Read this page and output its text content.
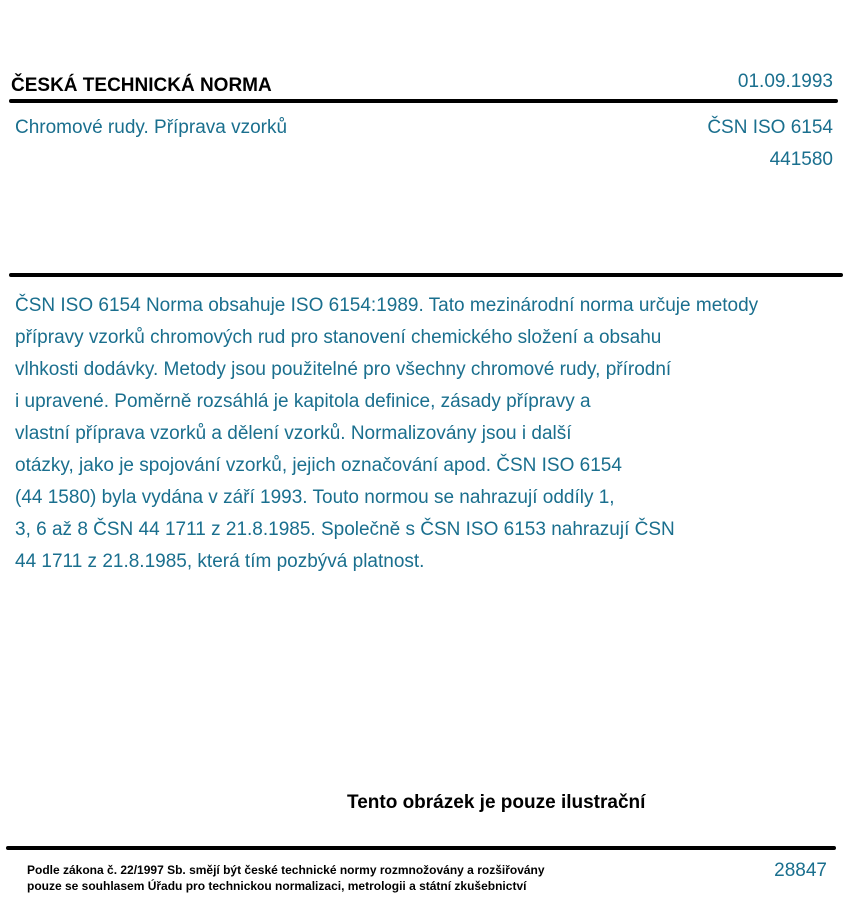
ČESKÁ TECHNICKÁ NORMA	01.09.1993
Chromové rudy. Příprava vzorků	ČSN ISO 6154
441580
ČSN ISO 6154 Norma obsahuje ISO 6154:1989. Tato mezinárodní norma určuje metody
přípravy vzorků chromových rud pro stanovení chemického složení a obsahu
vlhkosti dodávky. Metody jsou použitelné pro všechny chromové rudy, přírodní
i upravené. Poměrně rozsáhlá je kapitola definice, zásady přípravy a
vlastní příprava vzorků a dělení vzorků. Normalizovány jsou i další
otázky, jako je spojování vzorků, jejich označování apod. ČSN ISO 6154
(44 1580) byla vydána v září 1993. Touto normou se nahrazují oddíly 1,
3, 6 až 8 ČSN 44 1711 z 21.8.1985. Společně s ČSN ISO 6153 nahrazují ČSN
44 1711 z 21.8.1985, která tím pozbývá platnost.
Tento obrázek je pouze ilustrační
Podle zákona č. 22/1997 Sb. smějí být české technické normy rozmnožovány a rozšiřovány
pouze se souhlasem Úřadu pro technickou normalizaci, metrologii a státní zkušebnictví
28847
